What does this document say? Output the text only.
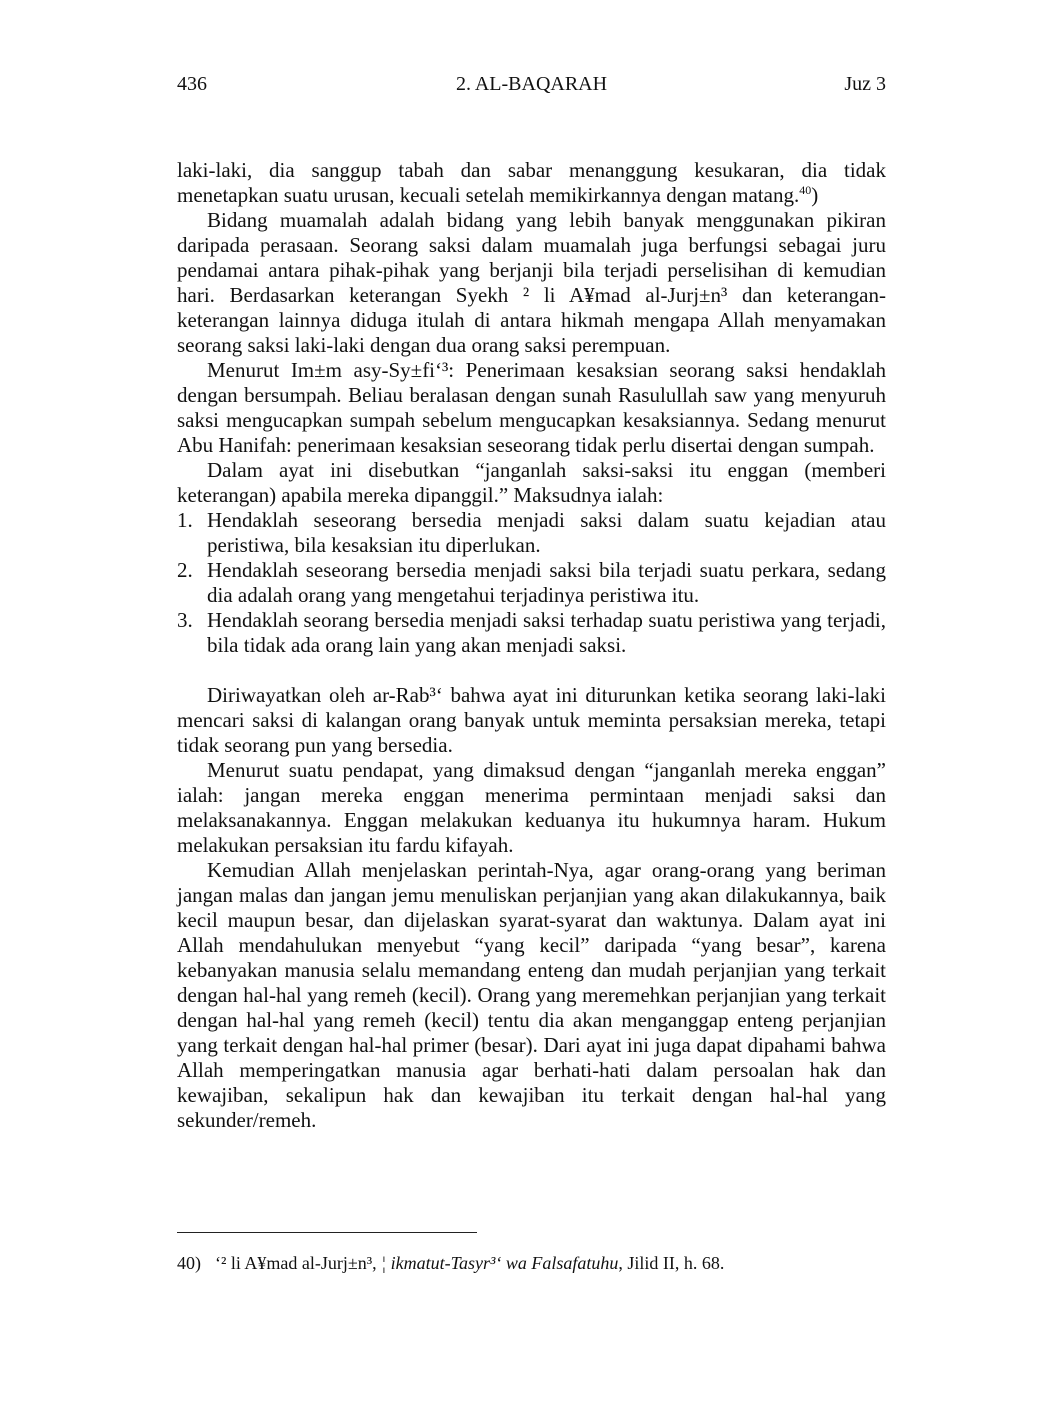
436	2. AL-BAQARAH	Juz 3

laki-laki, dia sanggup tabah dan sabar menanggung kesukaran, dia tidak menetapkan suatu urusan, kecuali setelah memikirkannya dengan matang.$^{40}$)

Bidang muamalah adalah bidang yang lebih banyak menggunakan pikiran daripada perasaan. Seorang saksi dalam muamalah juga berfungsi sebagai juru pendamai antara pihak-pihak yang berjanji bila terjadi perselisihan di kemudian hari. Berdasarkan keterangan Syekh ² li A¥mad al-Jurj±n³ dan keterangan-keterangan lainnya diduga itulah di antara hikmah mengapa Allah menyamakan seorang saksi laki-laki dengan dua orang saksi perempuan.

Menurut Im±m asy-Sy±fi‘³: Penerimaan kesaksian seorang saksi hendaklah dengan bersumpah. Beliau beralasan dengan sunah Rasulullah saw yang menyuruh saksi mengucapkan sumpah sebelum mengucapkan kesaksiannya. Sedang menurut Abu Hanifah: penerimaan kesaksian seseorang tidak perlu disertai dengan sumpah.

Dalam ayat ini disebutkan “janganlah saksi-saksi itu enggan (memberi keterangan) apabila mereka dipanggil.” Maksudnya ialah:

1. Hendaklah seseorang bersedia menjadi saksi dalam suatu kejadian atau peristiwa, bila kesaksian itu diperlukan.
2. Hendaklah seseorang bersedia menjadi saksi bila terjadi suatu perkara, sedang dia adalah orang yang mengetahui terjadinya peristiwa itu.
3. Hendaklah seorang bersedia menjadi saksi terhadap suatu peristiwa yang terjadi, bila tidak ada orang lain yang akan menjadi saksi.

Diriwayatkan oleh ar-Rab³‘ bahwa ayat ini diturunkan ketika seorang laki-laki mencari saksi di kalangan orang banyak untuk meminta persaksian mereka, tetapi tidak seorang pun yang bersedia.

Menurut suatu pendapat, yang dimaksud dengan “janganlah mereka enggan” ialah: jangan mereka enggan menerima permintaan menjadi saksi dan melaksanakannya. Enggan melakukan keduanya itu hukumnya haram. Hukum melakukan persaksian itu fardu kifayah.

Kemudian Allah menjelaskan perintah-Nya, agar orang-orang yang beriman jangan malas dan jangan jemu menuliskan perjanjian yang akan dilakukannya, baik kecil maupun besar, dan dijelaskan syarat-syarat dan waktunya. Dalam ayat ini Allah mendahulukan menyebut “yang kecil” daripada “yang besar”, karena kebanyakan manusia selalu memandang enteng dan mudah perjanjian yang terkait dengan hal-hal yang remeh (kecil). Orang yang meremehkan perjanjian yang terkait dengan hal-hal yang remeh (kecil) tentu dia akan menganggap enteng perjanjian yang terkait dengan hal-hal primer (besar). Dari ayat ini juga dapat dipahami bahwa Allah memperingatkan manusia agar berhati-hati dalam persoalan hak dan kewajiban, sekalipun hak dan kewajiban itu terkait dengan hal-hal yang sekunder/remeh.

40) ‘² li A¥mad al-Jurj±n³, ¦ ikmatut-Tasyr³‘ wa Falsafatuhu, Jilid II, h. 68.
